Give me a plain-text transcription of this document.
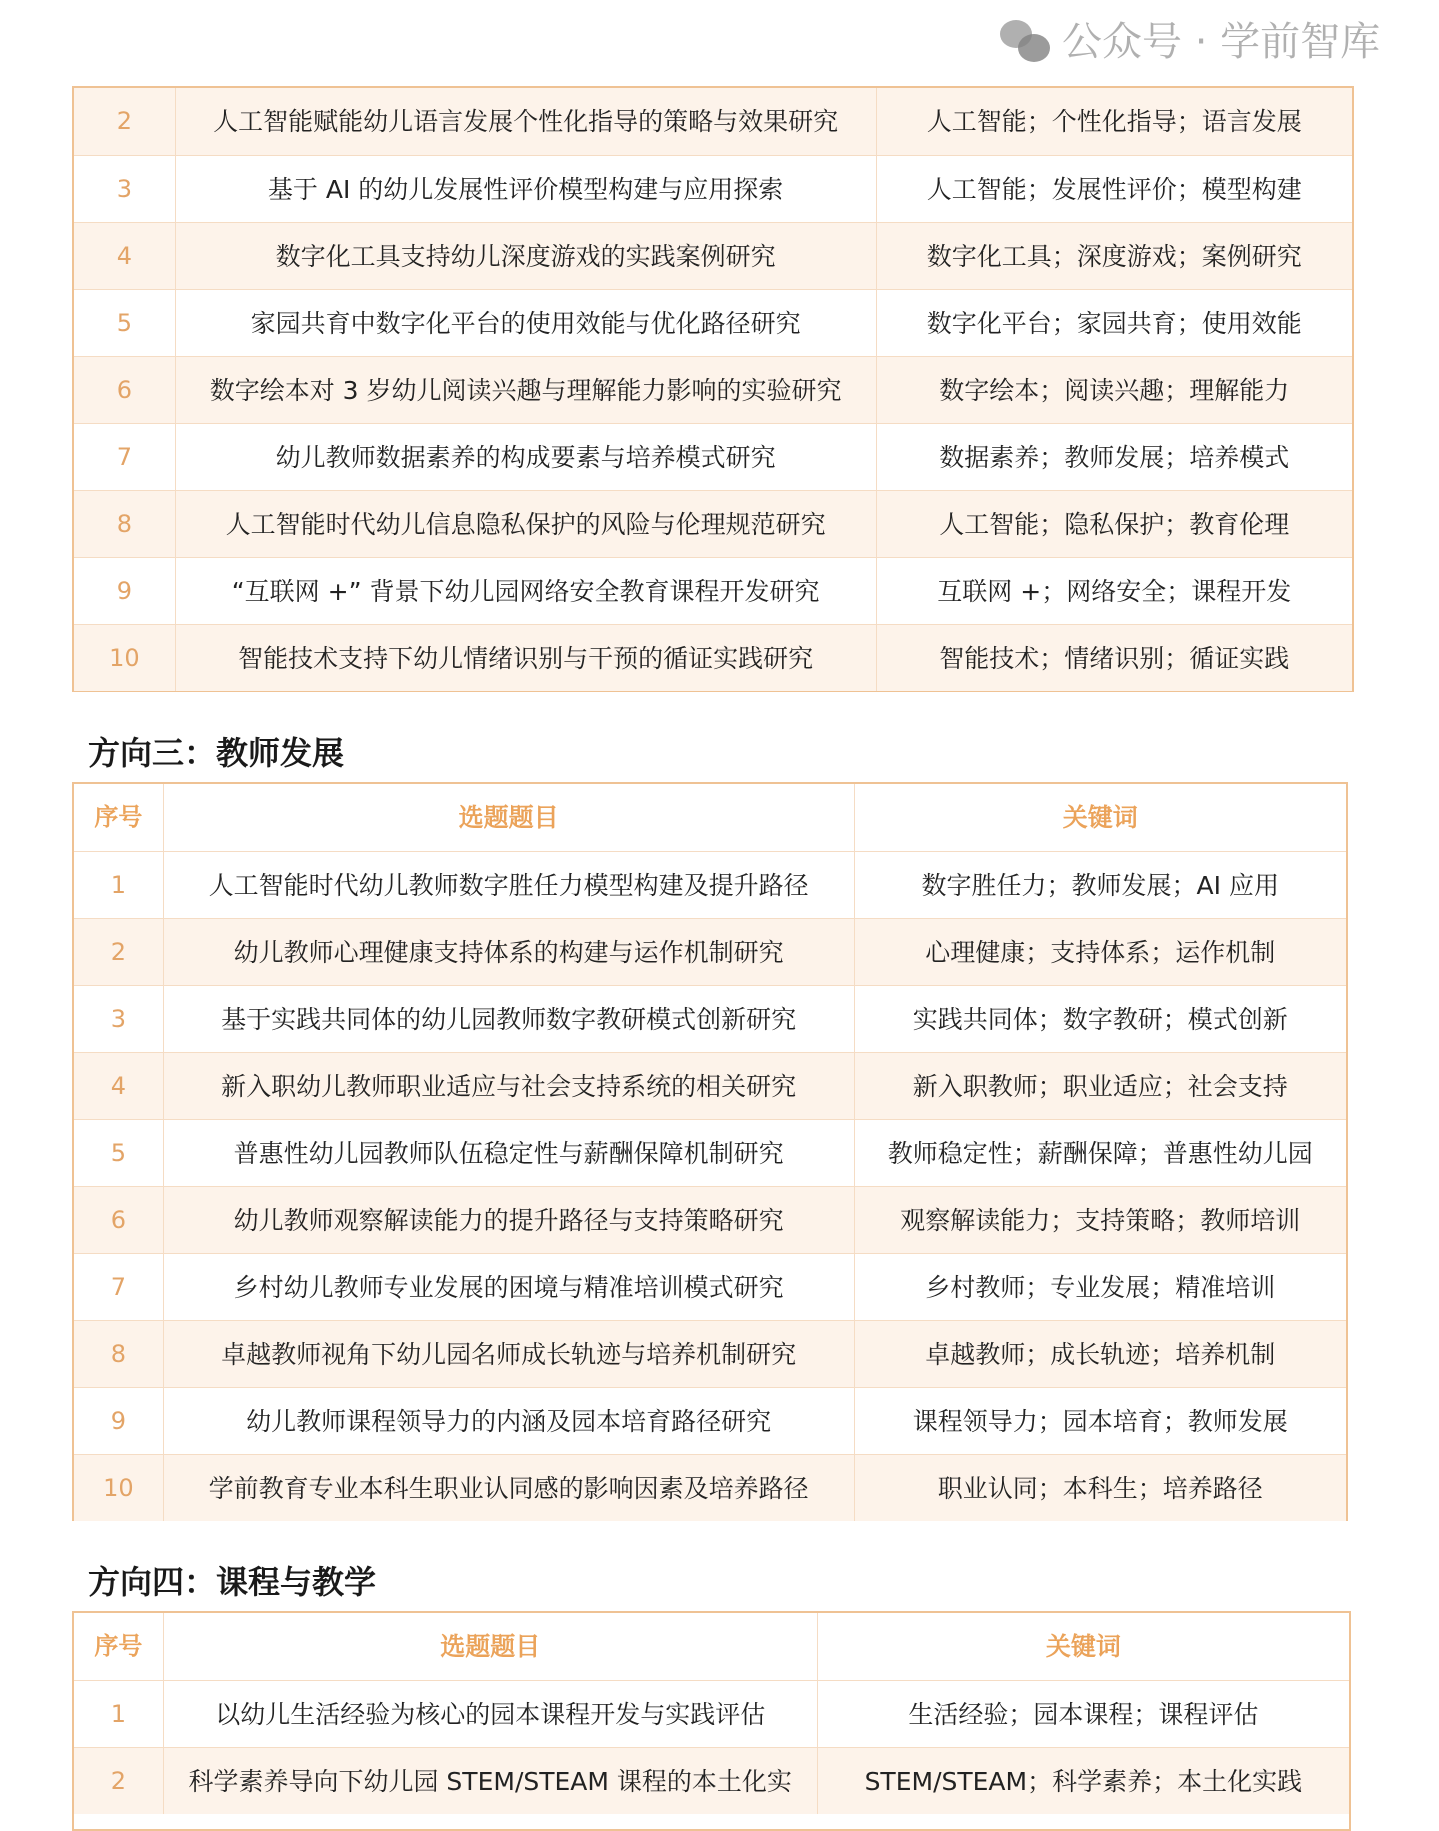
公众号 · 学前智库
2	人工智能赋能幼儿语言发展个性化指导的策略与效果研究	人工智能；个性化指导；语言发展
3	基于 AI 的幼儿发展性评价模型构建与应用探索	人工智能；发展性评价；模型构建
4	数字化工具支持幼儿深度游戏的实践案例研究	数字化工具；深度游戏；案例研究
5	家园共育中数字化平台的使用效能与优化路径研究	数字化平台；家园共育；使用效能
6	数字绘本对 3 岁幼儿阅读兴趣与理解能力影响的实验研究	数字绘本；阅读兴趣；理解能力
7	幼儿教师数据素养的构成要素与培养模式研究	数据素养；教师发展；培养模式
8	人工智能时代幼儿信息隐私保护的风险与伦理规范研究	人工智能；隐私保护；教育伦理
9	“互联网 +” 背景下幼儿园网络安全教育课程开发研究	互联网 +；网络安全；课程开发
10	智能技术支持下幼儿情绪识别与干预的循证实践研究	智能技术；情绪识别；循证实践
方向三：教师发展
序号	选题题目	关键词
1	人工智能时代幼儿教师数字胜任力模型构建及提升路径	数字胜任力；教师发展；AI 应用
2	幼儿教师心理健康支持体系的构建与运作机制研究	心理健康；支持体系；运作机制
3	基于实践共同体的幼儿园教师数字教研模式创新研究	实践共同体；数字教研；模式创新
4	新入职幼儿教师职业适应与社会支持系统的相关研究	新入职教师；职业适应；社会支持
5	普惠性幼儿园教师队伍稳定性与薪酬保障机制研究	教师稳定性；薪酬保障；普惠性幼儿园
6	幼儿教师观察解读能力的提升路径与支持策略研究	观察解读能力；支持策略；教师培训
7	乡村幼儿教师专业发展的困境与精准培训模式研究	乡村教师；专业发展；精准培训
8	卓越教师视角下幼儿园名师成长轨迹与培养机制研究	卓越教师；成长轨迹；培养机制
9	幼儿教师课程领导力的内涵及园本培育路径研究	课程领导力；园本培育；教师发展
10	学前教育专业本科生职业认同感的影响因素及培养路径	职业认同；本科生；培养路径
方向四：课程与教学
序号	选题题目	关键词
1	以幼儿生活经验为核心的园本课程开发与实践评估	生活经验；园本课程；课程评估
2	科学素养导向下幼儿园 STEM/STEAM 课程的本土化实	STEM/STEAM；科学素养；本土化实践
